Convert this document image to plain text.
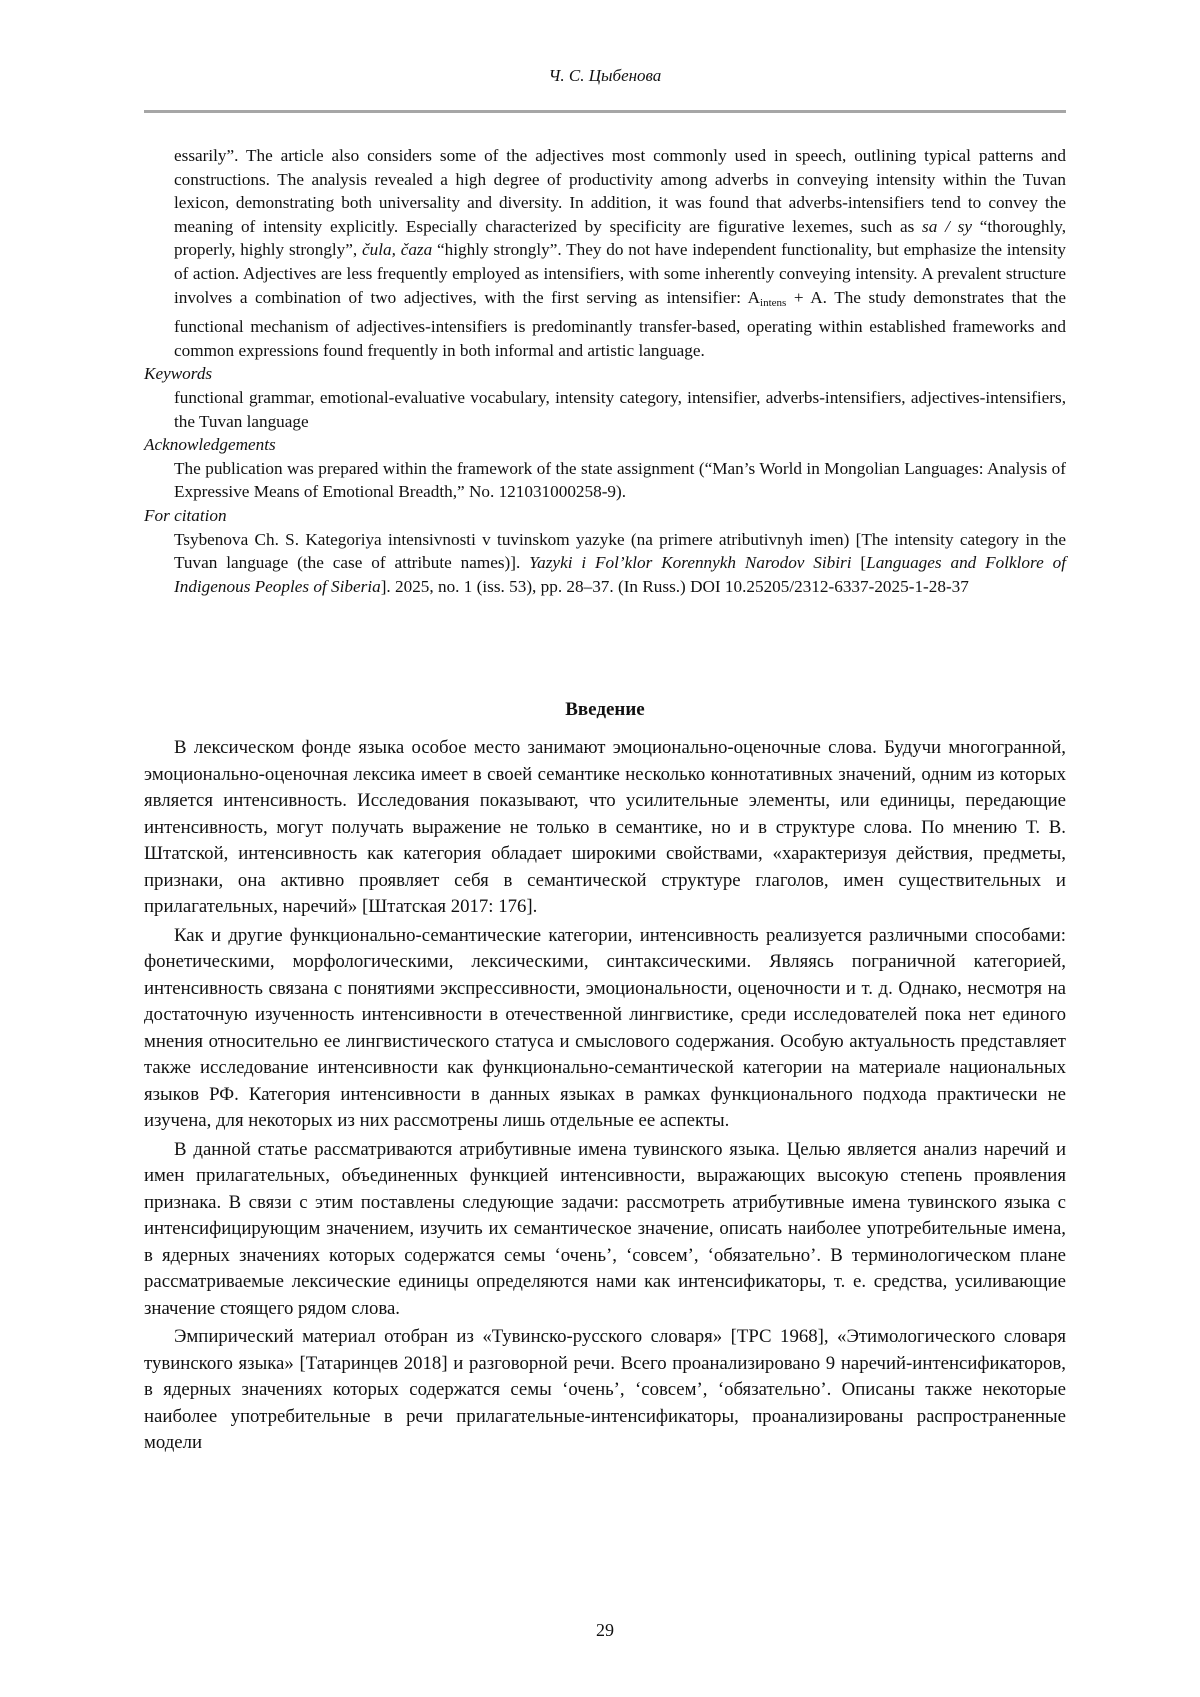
Ч. С. Цыбенова

essarily”. The article also considers some of the adjectives most commonly used in speech, outlining typical patterns and constructions. The analysis revealed a high degree of productivity among adverbs in conveying intensity within the Tuvan lexicon, demonstrating both universality and diversity. In addition, it was found that adverbs-intensifiers tend to convey the meaning of intensity explicitly. Especially characterized by specificity are figurative lexemes, such as sa / sy “thoroughly, properly, highly strongly”, čula, čaza “highly strongly”. They do not have independent functionality, but emphasize the intensity of action. Adjectives are less frequently employed as intensifiers, with some inherently conveying intensity. A prevalent structure involves a combination of two adjectives, with the first serving as intensifier: $A_{intens} + A$. The study demonstrates that the functional mechanism of adjectives-intensifiers is predominantly transfer-based, operating within established frameworks and common expressions found frequently in both informal and artistic language.

Keywords

functional grammar, emotional-evaluative vocabulary, intensity category, intensifier, adverbs-intensifiers, adjectives-intensifiers, the Tuvan language

Acknowledgements

The publication was prepared within the framework of the state assignment (“Man’s World in Mongolian Languages: Analysis of Expressive Means of Emotional Breadth,” No. 121031000258-9).

For citation

Tsybenova Ch. S. Kategoriya intensivnosti v tuvinskom yazyke (na primere atributivnyh imen) [The intensity category in the Tuvan language (the case of attribute names)]. Yazyki i Fol’klor Korennykh Narodov Sibiri [Languages and Folklore of Indigenous Peoples of Siberia]. 2025, no. 1 (iss. 53), pp. 28–37. (In Russ.) DOI 10.25205/2312-6337-2025-1-28-37

Введение

В лексическом фонде языка особое место занимают эмоционально-оценочные слова. Будучи многогранной, эмоционально-оценочная лексика имеет в своей семантике несколько коннотативных значений, одним из которых является интенсивность. Исследования показывают, что усилительные элементы, или единицы, передающие интенсивность, могут получать выражение не только в семантике, но и в структуре слова. По мнению Т. В. Штатской, интенсивность как категория обладает широкими свойствами, «характеризуя действия, предметы, признаки, она активно проявляет себя в семантической структуре глаголов, имен существительных и прилагательных, наречий» [Штатская 2017: 176].

Как и другие функционально-семантические категории, интенсивность реализуется различными способами: фонетическими, морфологическими, лексическими, синтаксическими. Являясь пограничной категорией, интенсивность связана с понятиями экспрессивности, эмоциональности, оценочности и т. д. Однако, несмотря на достаточную изученность интенсивности в отечественной лингвистике, среди исследователей пока нет единого мнения относительно ее лингвистического статуса и смыслового содержания. Особую актуальность представляет также исследование интенсивности как функционально-семантической категории на материале национальных языков РФ. Категория интенсивности в данных языках в рамках функционального подхода практически не изучена, для некоторых из них рассмотрены лишь отдельные ее аспекты.

В данной статье рассматриваются атрибутивные имена тувинского языка. Целью является анализ наречий и имен прилагательных, объединенных функцией интенсивности, выражающих высокую степень проявления признака. В связи с этим поставлены следующие задачи: рассмотреть атрибутивные имена тувинского языка с интенсифицирующим значением, изучить их семантическое значение, описать наиболее употребительные имена, в ядерных значениях которых содержатся семы ‘очень’, ‘совсем’, ‘обязательно’. В терминологическом плане рассматриваемые лексические единицы определяются нами как интенсификаторы, т. е. средства, усиливающие значение стоящего рядом слова.

Эмпирический материал отобран из «Тувинско-русского словаря» [ТРС 1968], «Этимологического словаря тувинского языка» [Татаринцев 2018] и разговорной речи. Всего проанализировано 9 наречий-интенсификаторов, в ядерных значениях которых содержатся семы ‘очень’, ‘совсем’, ‘обязательно’. Описаны также некоторые наиболее употребительные в речи прилагательные-интенсификаторы, проанализированы распространенные модели

29
